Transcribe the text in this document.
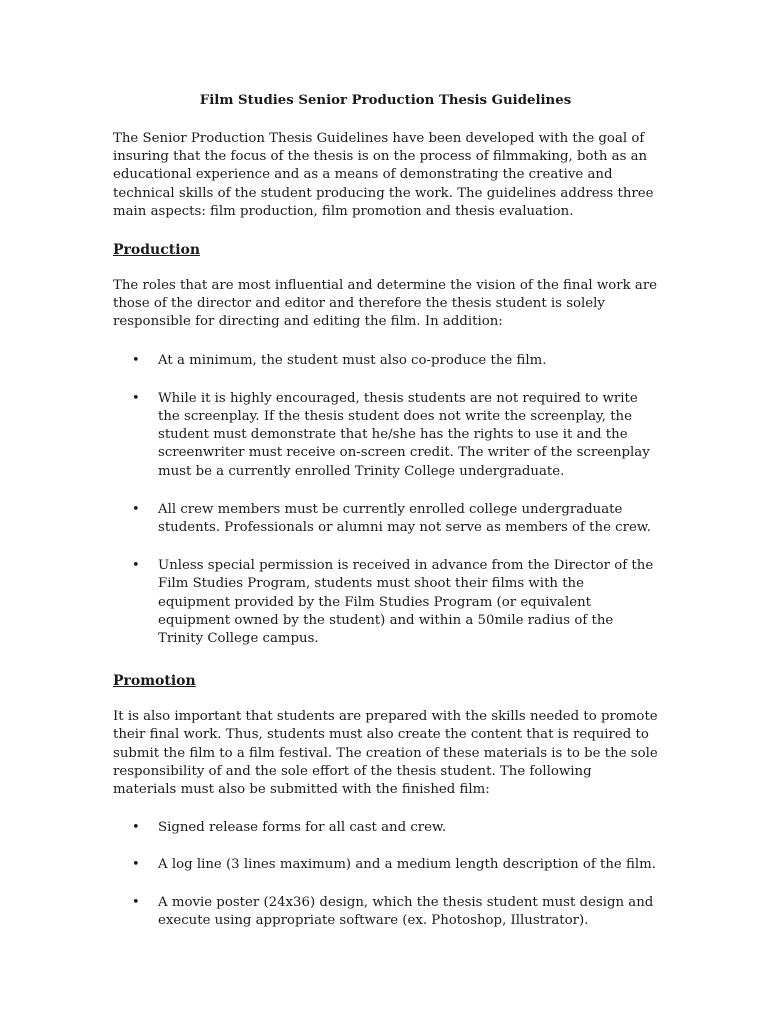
Film Studies Senior Production Thesis Guidelines

The Senior Production Thesis Guidelines have been developed with the goal of insuring that the focus of the thesis is on the process of filmmaking, both as an educational experience and as a means of demonstrating the creative and technical skills of the student producing the work. The guidelines address three main aspects: film production, film promotion and thesis evaluation.

Production

The roles that are most influential and determine the vision of the final work are those of the director and editor and therefore the thesis student is solely responsible for directing and editing the film. In addition:

• At a minimum, the student must also co-produce the film.
• While it is highly encouraged, thesis students are not required to write the screenplay. If the thesis student does not write the screenplay, the student must demonstrate that he/she has the rights to use it and the screenwriter must receive on-screen credit. The writer of the screenplay must be a currently enrolled Trinity College undergraduate.
• All crew members must be currently enrolled college undergraduate students. Professionals or alumni may not serve as members of the crew.
• Unless special permission is received in advance from the Director of the Film Studies Program, students must shoot their films with the equipment provided by the Film Studies Program (or equivalent equipment owned by the student) and within a 50mile radius of the Trinity College campus.
Promotion

It is also important that students are prepared with the skills needed to promote their final work. Thus, students must also create the content that is required to submit the film to a film festival. The creation of these materials is to be the sole responsibility of and the sole effort of the thesis student. The following materials must also be submitted with the finished film:

• Signed release forms for all cast and crew.
• A log line (3 lines maximum) and a medium length description of the film.
• A movie poster (24x36) design, which the thesis student must design and execute using appropriate software (ex. Photoshop, Illustrator).
